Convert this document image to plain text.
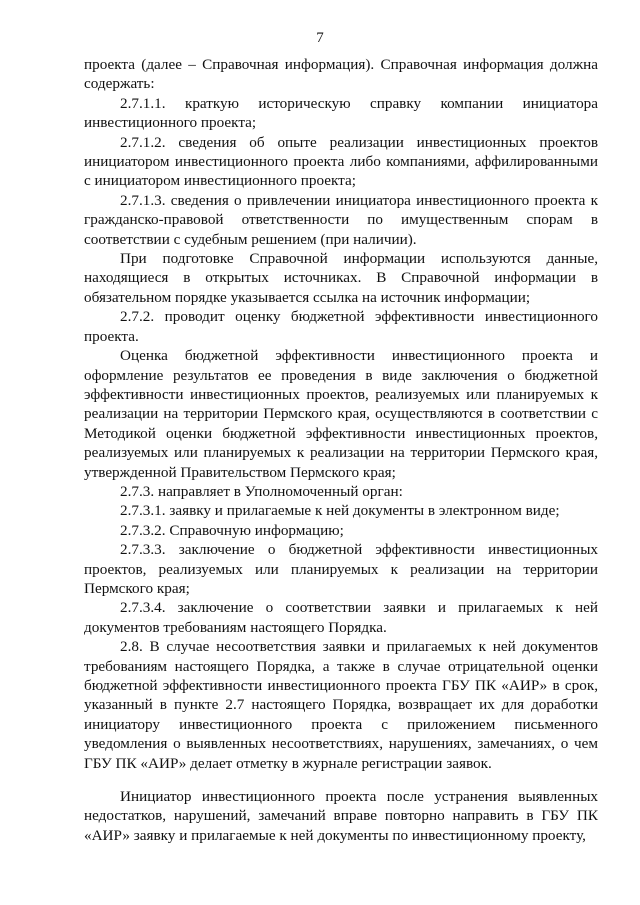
7

проекта (далее – Справочная информация). Справочная информация должна содержать:

2.7.1.1. краткую историческую справку компании инициатора инвестиционного проекта;

2.7.1.2. сведения об опыте реализации инвестиционных проектов инициатором инвестиционного проекта либо компаниями, аффилированными с инициатором инвестиционного проекта;

2.7.1.3. сведения о привлечении инициатора инвестиционного проекта к гражданско-правовой ответственности по имущественным спорам в соответствии с судебным решением (при наличии).

При подготовке Справочной информации используются данные, находящиеся в открытых источниках. В Справочной информации в обязательном порядке указывается ссылка на источник информации;

2.7.2. проводит оценку бюджетной эффективности инвестиционного проекта.

Оценка бюджетной эффективности инвестиционного проекта и оформление результатов ее проведения в виде заключения о бюджетной эффективности инвестиционных проектов, реализуемых или планируемых к реализации на территории Пермского края, осуществляются в соответствии с Методикой оценки бюджетной эффективности инвестиционных проектов, реализуемых или планируемых к реализации на территории Пермского края, утвержденной Правительством Пермского края;

2.7.3. направляет в Уполномоченный орган:

2.7.3.1. заявку и прилагаемые к ней документы в электронном виде;

2.7.3.2. Справочную информацию;

2.7.3.3. заключение о бюджетной эффективности инвестиционных проектов, реализуемых или планируемых к реализации на территории Пермского края;

2.7.3.4. заключение о соответствии заявки и прилагаемых к ней документов требованиям настоящего Порядка.

2.8. В случае несоответствия заявки и прилагаемых к ней документов требованиям настоящего Порядка, а также в случае отрицательной оценки бюджетной эффективности инвестиционного проекта ГБУ ПК «АИР» в срок, указанный в пункте 2.7 настоящего Порядка, возвращает их для доработки инициатору инвестиционного проекта с приложением письменного уведомления о выявленных несоответствиях, нарушениях, замечаниях, о чем ГБУ ПК «АИР» делает отметку в журнале регистрации заявок.

Инициатор инвестиционного проекта после устранения выявленных недостатков, нарушений, замечаний вправе повторно направить в ГБУ ПК «АИР» заявку и прилагаемые к ней документы по инвестиционному проекту,
